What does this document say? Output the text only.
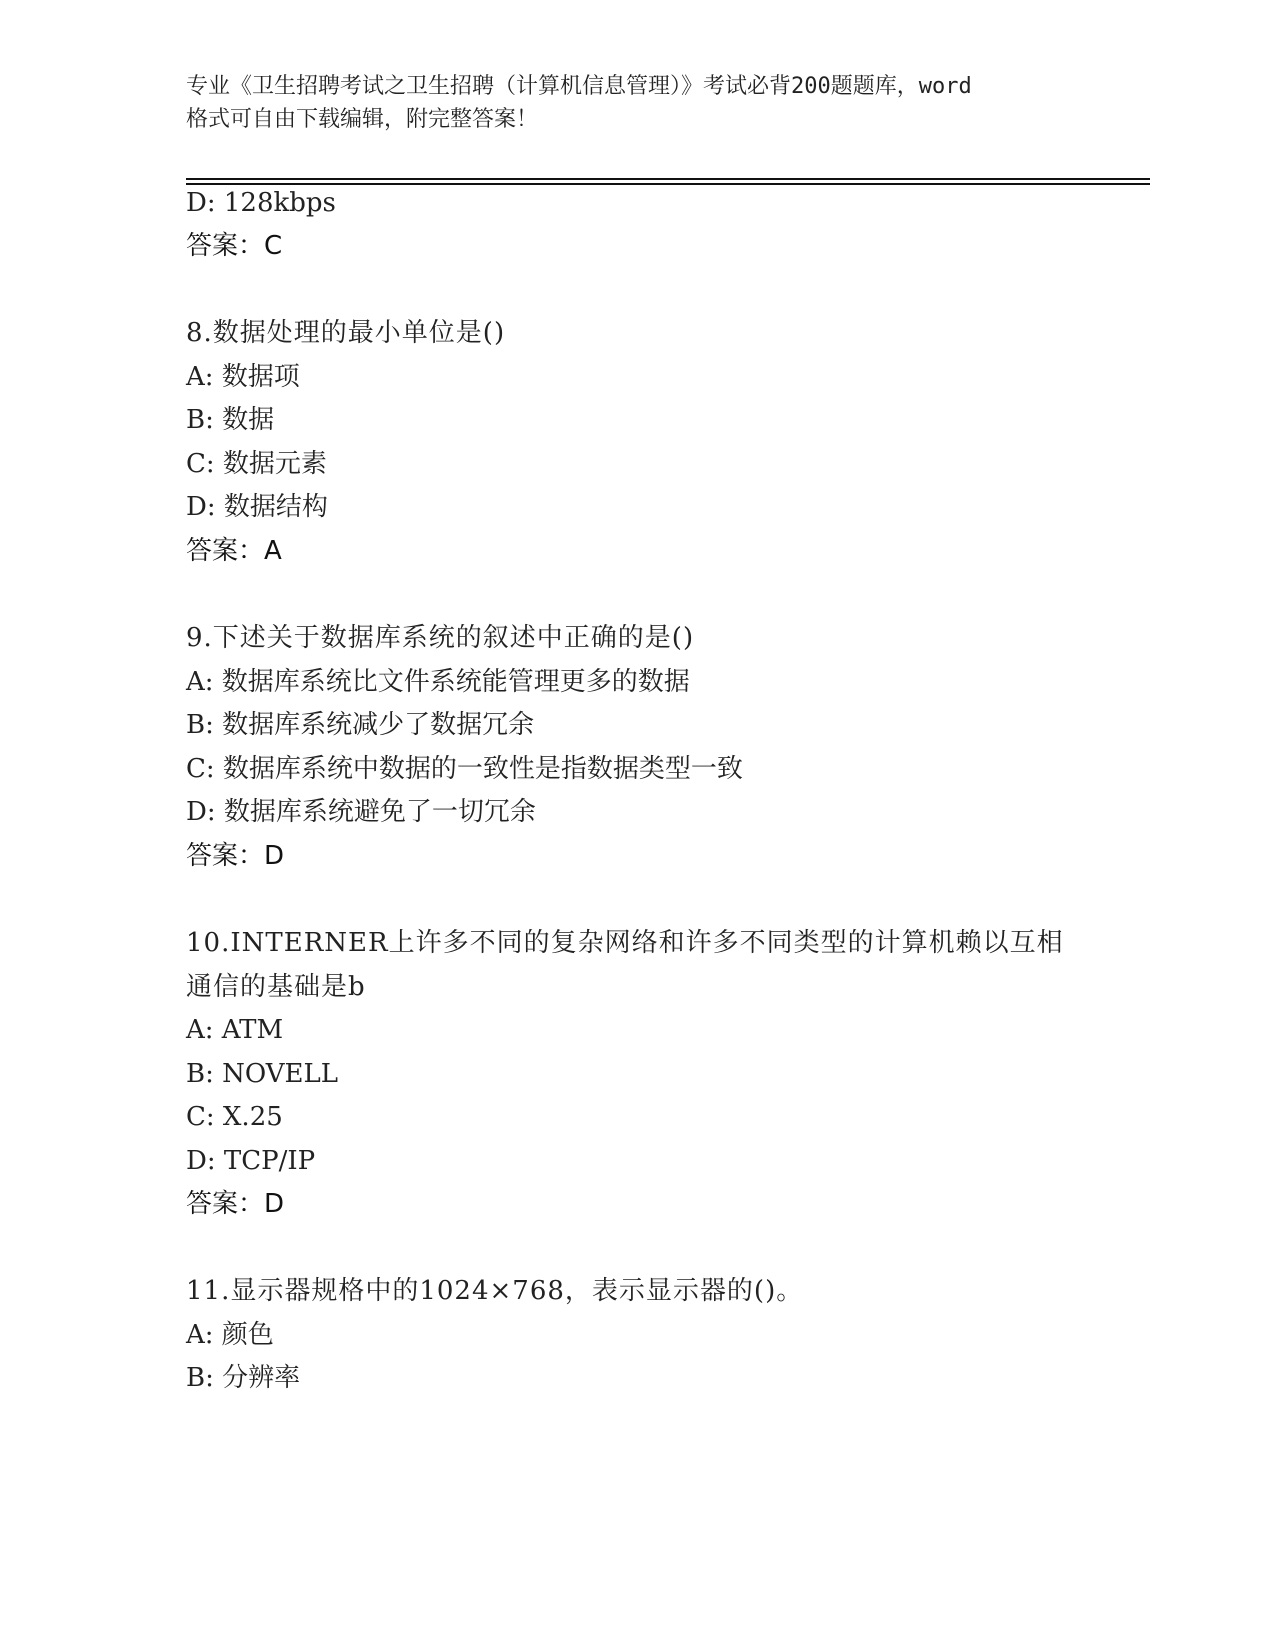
专业《卫生招聘考试之卫生招聘（计算机信息管理）》考试必背200题题库，word
格式可自由下载编辑，附完整答案！
D: 128kbps
答案：C
8.数据处理的最小单位是()
A: 数据项
B: 数据
C: 数据元素
D: 数据结构
答案：A
9.下述关于数据库系统的叙述中正确的是()
A: 数据库系统比文件系统能管理更多的数据
B: 数据库系统减少了数据冗余
C: 数据库系统中数据的一致性是指数据类型一致
D: 数据库系统避免了一切冗余
答案：D
10.INTERNER上许多不同的复杂网络和许多不同类型的计算机赖以互相
通信的基础是b
A: ATM
B: NOVELL
C: X.25
D: TCP/IP
答案：D
11.显示器规格中的1024×768，表示显示器的()。
A: 颜色
B: 分辨率
